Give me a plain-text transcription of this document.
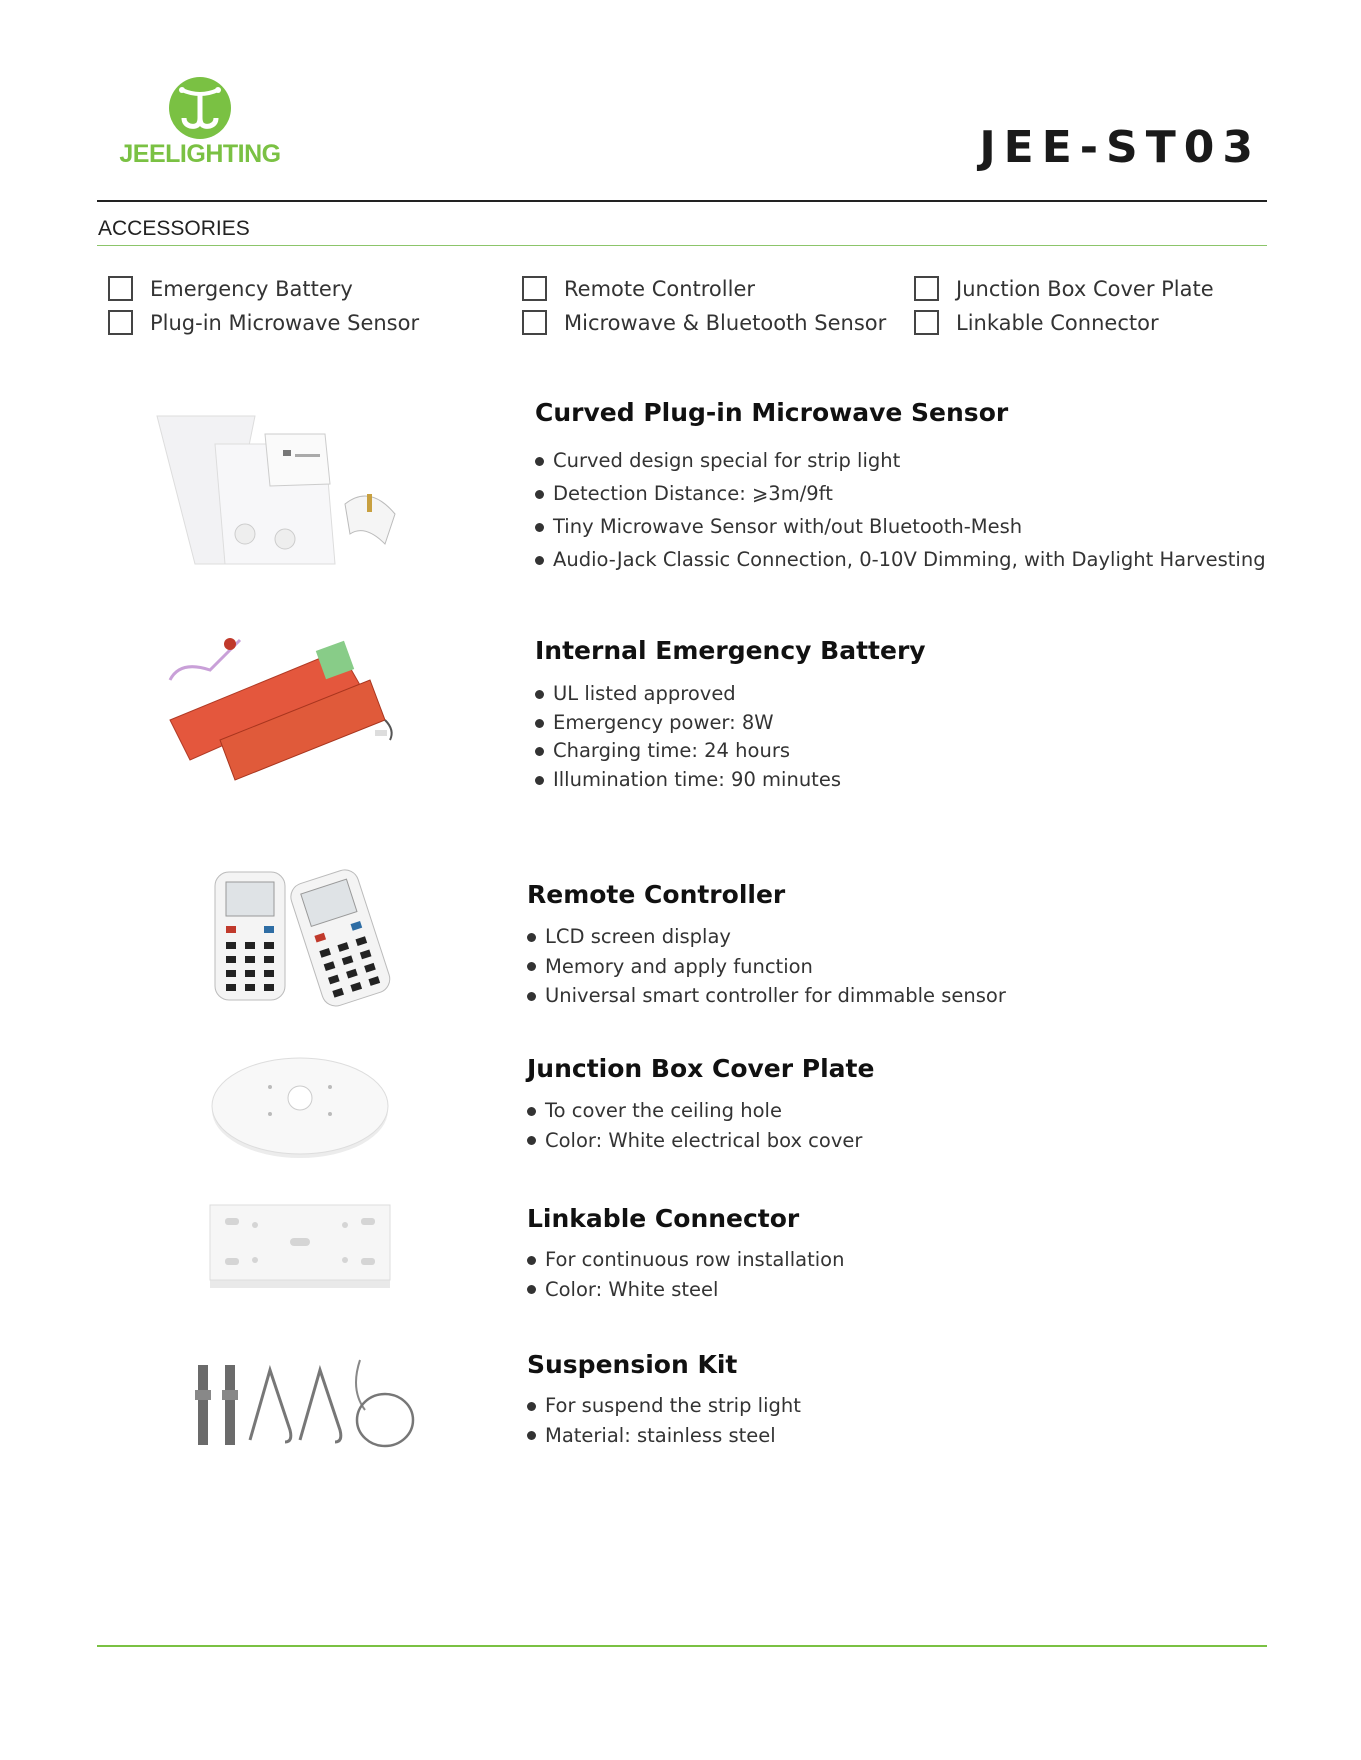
JEELIGHTING	JEE-ST03
ACCESSORIES
Emergency Battery
Plug-in Microwave Sensor
Remote Controller
Microwave & Bluetooth Sensor
Junction Box Cover Plate
Linkable Connector
Curved Plug-in Microwave Sensor
Curved design special for strip light
Detection Distance: ⩾3m/9ft
Tiny Microwave Sensor with/out Bluetooth-Mesh
Audio-Jack Classic Connection, 0-10V Dimming, with Daylight Harvesting
Internal Emergency Battery
UL listed approved
Emergency power: 8W
Charging time: 24 hours
Illumination time: 90 minutes
Remote Controller
LCD screen display
Memory and apply function
Universal smart controller for dimmable sensor
Junction Box Cover Plate
To cover the ceiling hole
Color: White electrical box cover
Linkable Connector
For continuous row installation
Color: White steel
Suspension Kit
For suspend the strip light
Material: stainless steel
